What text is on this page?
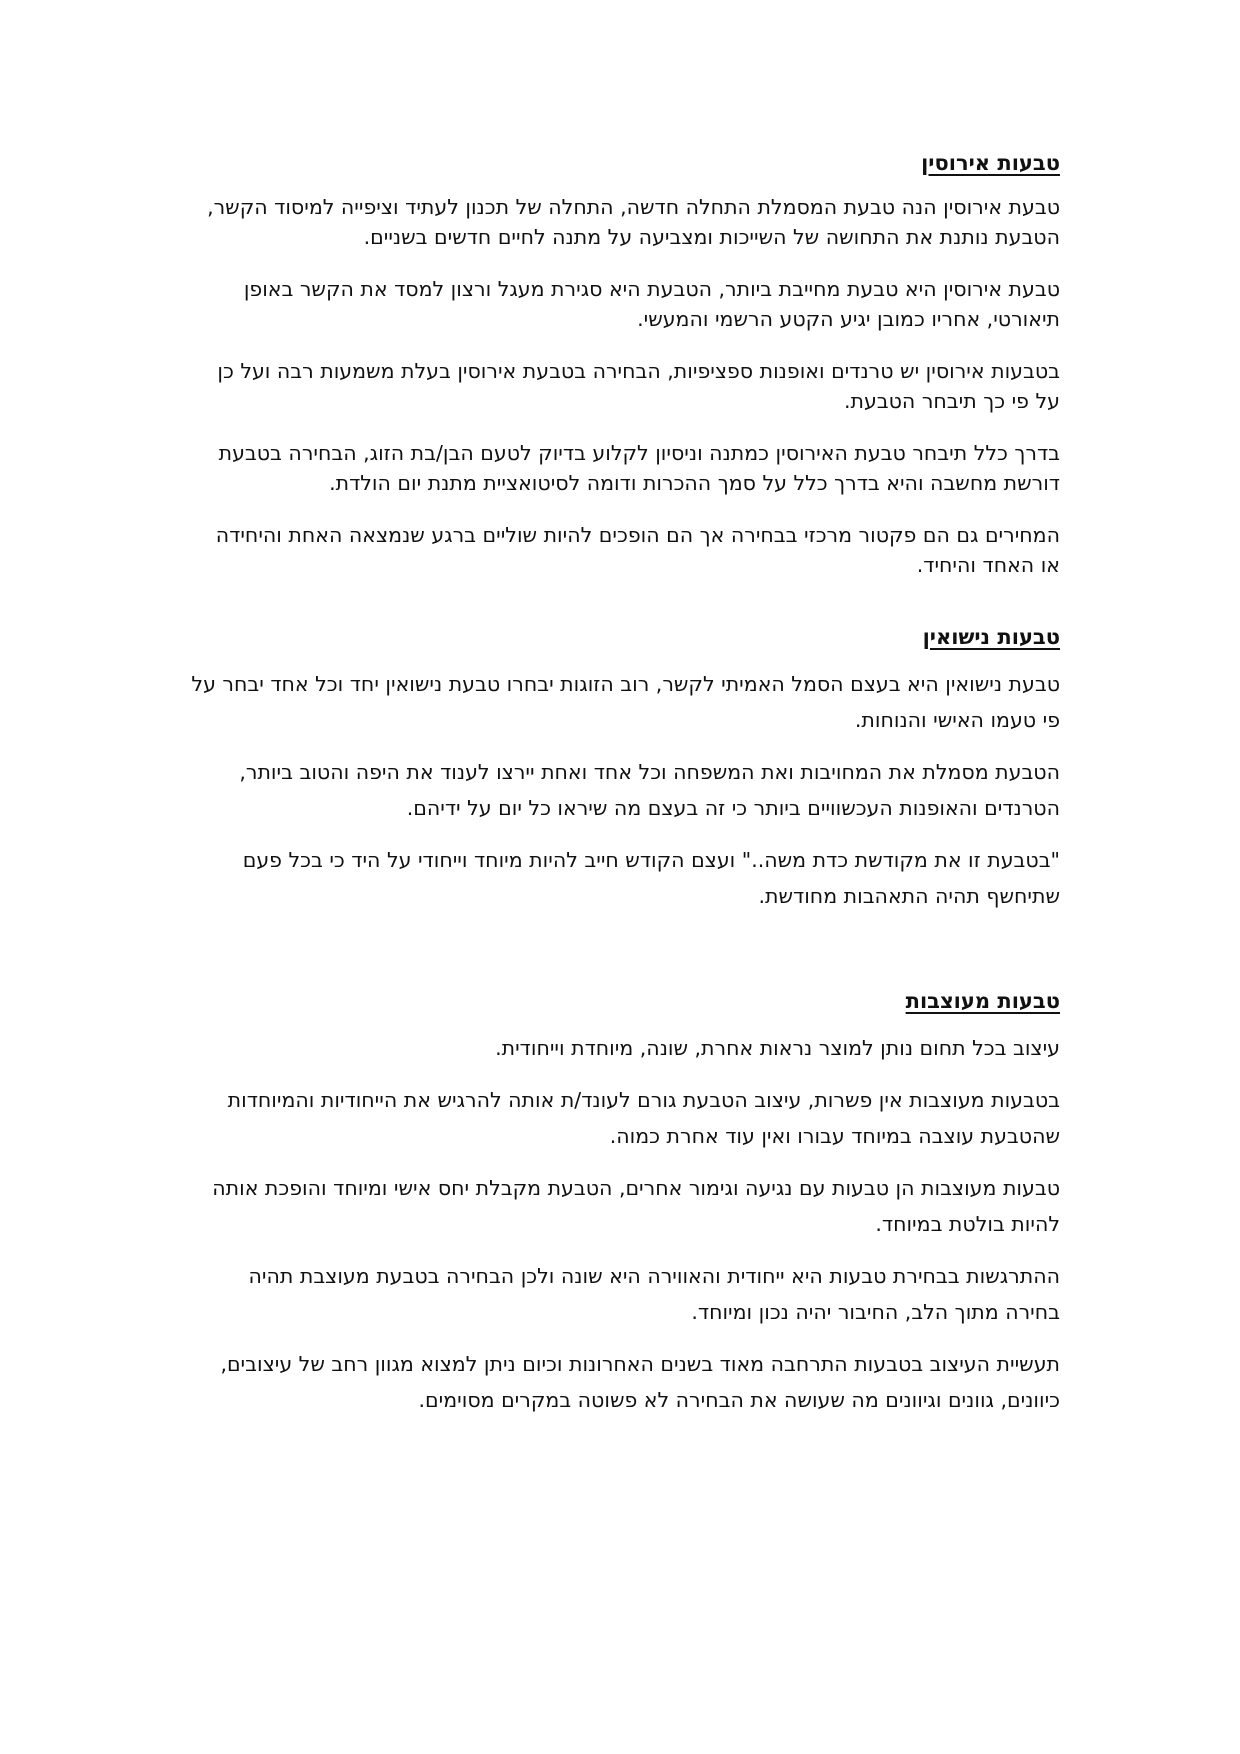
טבעות אירוסין

טבעת אירוסין הנה טבעת המסמלת התחלה חדשה, התחלה של תכנון לעתיד וציפייה למיסוד הקשר, הטבעת נותנת את התחושה של השייכות ומצביעה על מתנה לחיים חדשים בשניים.

טבעת אירוסין היא טבעת מחייבת ביותר, הטבעת היא סגירת מעגל ורצון למסד את הקשר באופן תיאורטי, אחריו כמובן יגיע הקטע הרשמי והמעשי.

בטבעות אירוסין יש טרנדים ואופנות ספציפיות, הבחירה בטבעת אירוסין בעלת משמעות רבה ועל כן על פי כך תיבחר הטבעת.

בדרך כלל תיבחר טבעת האירוסין כמתנה וניסיון לקלוע בדיוק לטעם הבן/בת הזוג, הבחירה בטבעת דורשת מחשבה והיא בדרך כלל על סמך ההכרות ודומה לסיטואציית מתנת יום הולדת.

המחירים גם הם פקטור מרכזי בבחירה אך הם הופכים להיות שוליים ברגע שנמצאה האחת והיחידה או האחד והיחיד.

טבעות נישואין

טבעת נישואין היא בעצם הסמל האמיתי לקשר, רוב הזוגות יבחרו טבעת נישואין יחד וכל אחד יבחר על פי טעמו האישי והנוחות.

הטבעת מסמלת את המחויבות ואת המשפחה וכל אחד ואחת יירצו לענוד את היפה והטוב ביותר, הטרנדים והאופנות העכשוויים ביותר כי זה בעצם מה שיראו כל יום על ידיהם.

"בטבעת זו את מקודשת כדת משה.." ועצם הקודש חייב להיות מיוחד וייחודי על היד כי בכל פעם שתיחשף תהיה התאהבות מחודשת.

טבעות מעוצבות

עיצוב בכל תחום נותן למוצר נראות אחרת, שונה, מיוחדת וייחודית.

בטבעות מעוצבות אין פשרות, עיצוב הטבעת גורם לעונד/ת אותה להרגיש את הייחודיות והמיוחדות שהטבעת עוצבה במיוחד עבורו ואין עוד אחרת כמוה.

טבעות מעוצבות הן טבעות עם נגיעה וגימור אחרים, הטבעת מקבלת יחס אישי ומיוחד והופכת אותה להיות בולטת במיוחד.

ההתרגשות בבחירת טבעות היא ייחודית והאווירה היא שונה ולכן הבחירה בטבעת מעוצבת תהיה בחירה מתוך הלב, החיבור יהיה נכון ומיוחד.

תעשיית העיצוב בטבעות התרחבה מאוד בשנים האחרונות וכיום ניתן למצוא מגוון רחב של עיצובים, כיוונים, גוונים וגיוונים מה שעושה את הבחירה לא פשוטה במקרים מסוימים.
